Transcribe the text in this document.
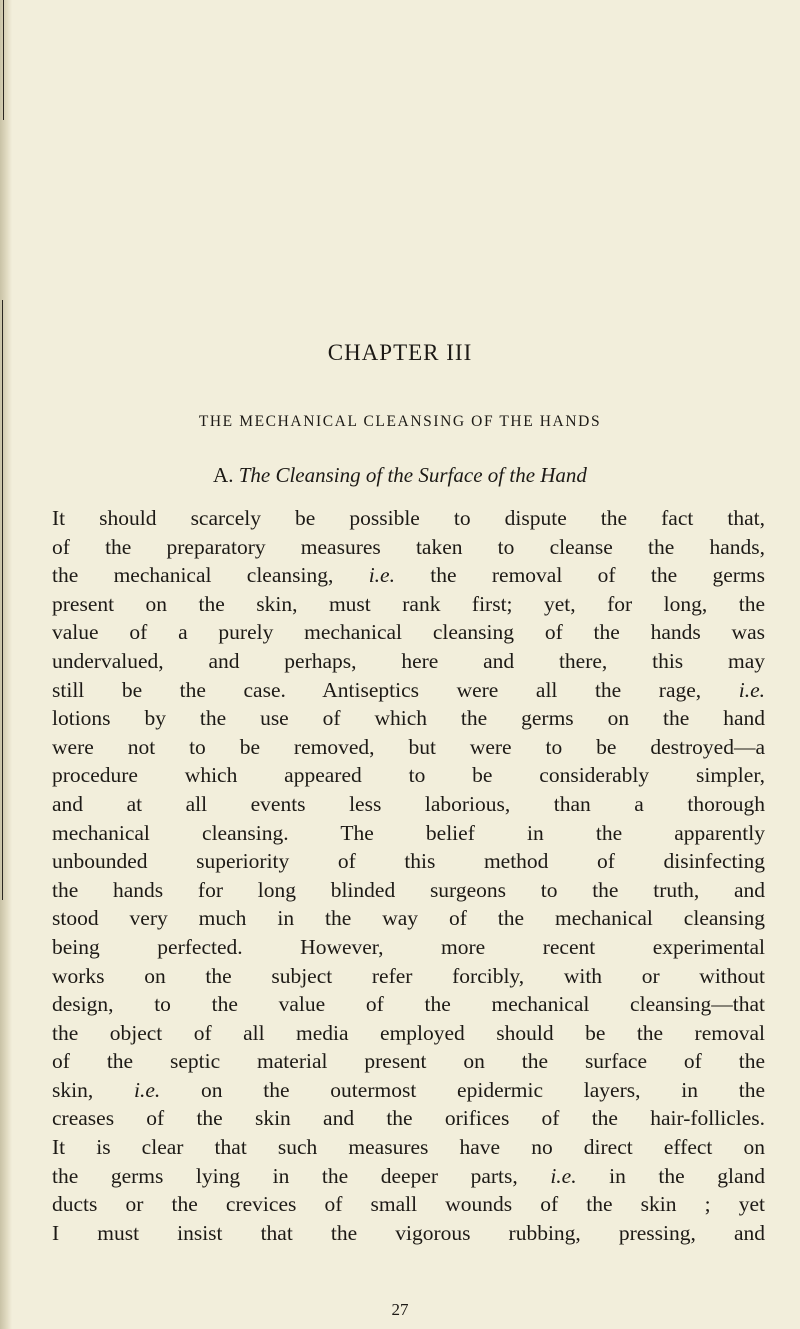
CHAPTER III
THE MECHANICAL CLEANSING OF THE HANDS
A. The Cleansing of the Surface of the Hand
It should scarcely be possible to dispute the fact that,
of the preparatory measures taken to cleanse the hands,
the mechanical cleansing, i.e. the removal of the germs
present on the skin, must rank first; yet, for long, the
value of a purely mechanical cleansing of the hands was
undervalued, and perhaps, here and there, this may
still be the case. Antiseptics were all the rage, i.e.
lotions by the use of which the germs on the hand
were not to be removed, but were to be destroyed—a
procedure which appeared to be considerably simpler,
and at all events less laborious, than a thorough
mechanical cleansing. The belief in the apparently
unbounded superiority of this method of disinfecting
the hands for long blinded surgeons to the truth, and
stood very much in the way of the mechanical cleansing
being perfected. However, more recent experimental
works on the subject refer forcibly, with or without
design, to the value of the mechanical cleansing—that
the object of all media employed should be the removal
of the septic material present on the surface of the
skin, i.e. on the outermost epidermic layers, in the
creases of the skin and the orifices of the hair-follicles.
It is clear that such measures have no direct effect on
the germs lying in the deeper parts, i.e. in the gland
ducts or the crevices of small wounds of the skin ; yet
I must insist that the vigorous rubbing, pressing, and
27
